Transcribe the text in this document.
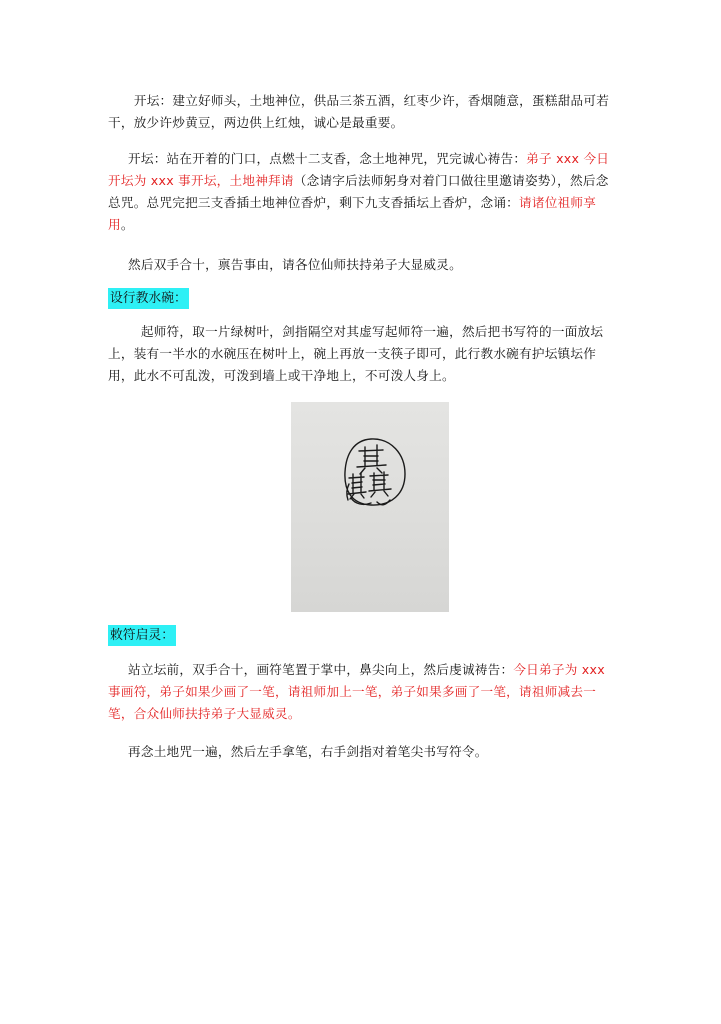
　开坛：建立好师头，土地神位，供品三茶五酒，红枣少许，香烟随意，蛋糕甜品可若干，放少许炒黄豆，两边供上红烛，诚心是最重要。

开坛：站在开着的门口，点燃十二支香，念土地神咒，咒完诚心祷告：弟子 xxx 今日开坛为 xxx 事开坛，土地神拜请（念请字后法师躬身对着门口做往里邀请姿势），然后念总咒。总咒完把三支香插土地神位香炉，剩下九支香插坛上香炉，念诵：请诸位祖师享用。

然后双手合十，禀告事由，请各位仙师扶持弟子大显威灵。

设行教水碗：

　起师符，取一片绿树叶，剑指隔空对其虚写起师符一遍，然后把书写符的一面放坛上，装有一半水的水碗压在树叶上，碗上再放一支筷子即可，此行教水碗有护坛镇坛作用，此水不可乱泼，可泼到墙上或干净地上，不可泼人身上。

敕符启灵：

站立坛前，双手合十，画符笔置于掌中，鼻尖向上，然后虔诚祷告：今日弟子为 xxx 事画符，弟子如果少画了一笔，请祖师加上一笔，弟子如果多画了一笔，请祖师减去一笔，合众仙师扶持弟子大显威灵。

再念土地咒一遍，然后左手拿笔，右手剑指对着笔尖书写符令。
